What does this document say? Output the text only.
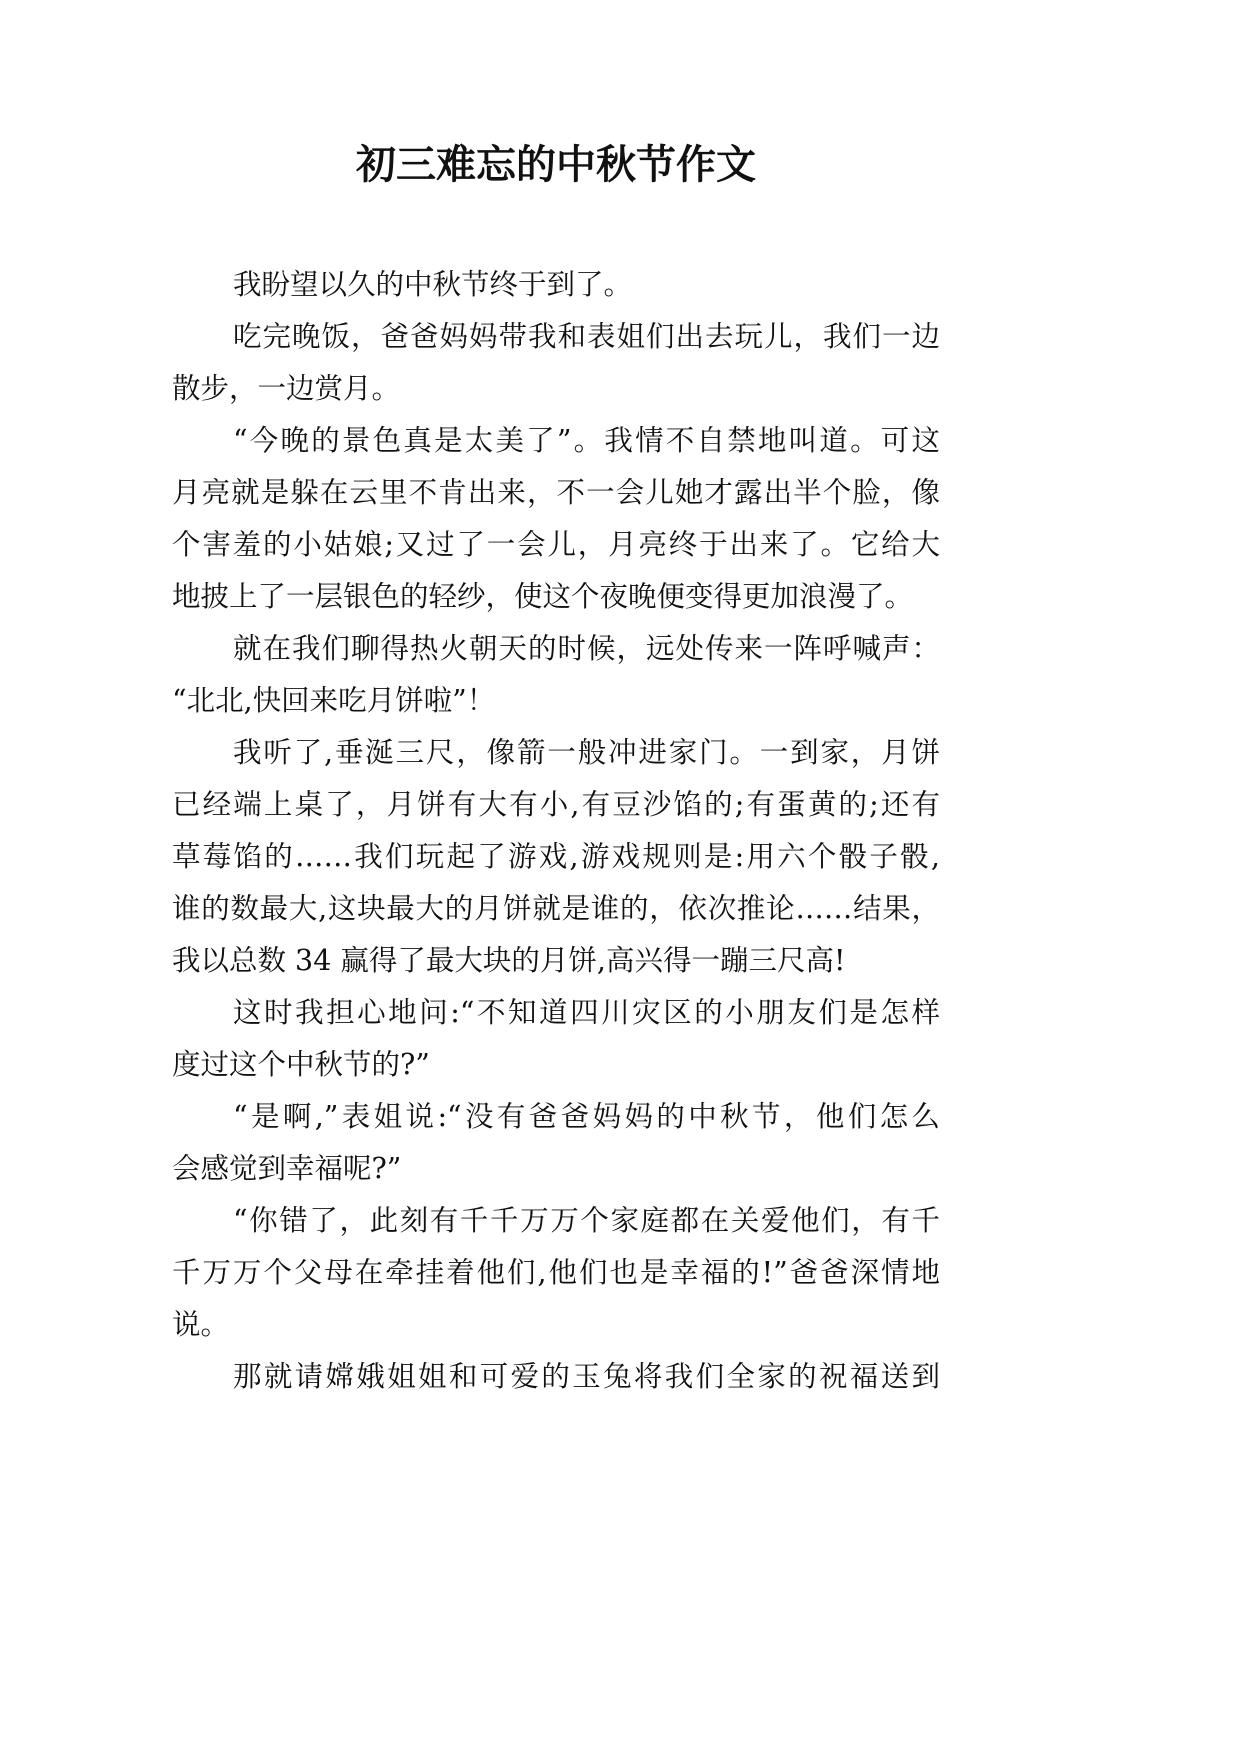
初三难忘的中秋节作文
我盼望以久的中秋节终于到了。
吃完晚饭，爸爸妈妈带我和表姐们出去玩儿，我们一边
散步，一边赏月。
“今晚的景色真是太美了”。我情不自禁地叫道。可这
月亮就是躲在云里不肯出来，不一会儿她才露出半个脸，像
个害羞的小姑娘;又过了一会儿，月亮终于出来了。它给大
地披上了一层银色的轻纱，使这个夜晚便变得更加浪漫了。
就在我们聊得热火朝天的时候，远处传来一阵呼喊声：
“北北,快回来吃月饼啦”！
我听了,垂涎三尺，像箭一般冲进家门。一到家，月饼
已经端上桌了，月饼有大有小,有豆沙馅的;有蛋黄的;还有
草莓馅的……我们玩起了游戏,游戏规则是:用六个骰子骰,
谁的数最大,这块最大的月饼就是谁的，依次推论……结果，
我以总数 34 赢得了最大块的月饼,高兴得一蹦三尺高!
这时我担心地问:“不知道四川灾区的小朋友们是怎样
度过这个中秋节的?”
“是啊,”表姐说:“没有爸爸妈妈的中秋节，他们怎么
会感觉到幸福呢?”
“你错了，此刻有千千万万个家庭都在关爱他们，有千
千万万个父母在牵挂着他们,他们也是幸福的!”爸爸深情地
说。
那就请嫦娥姐姐和可爱的玉兔将我们全家的祝福送到
